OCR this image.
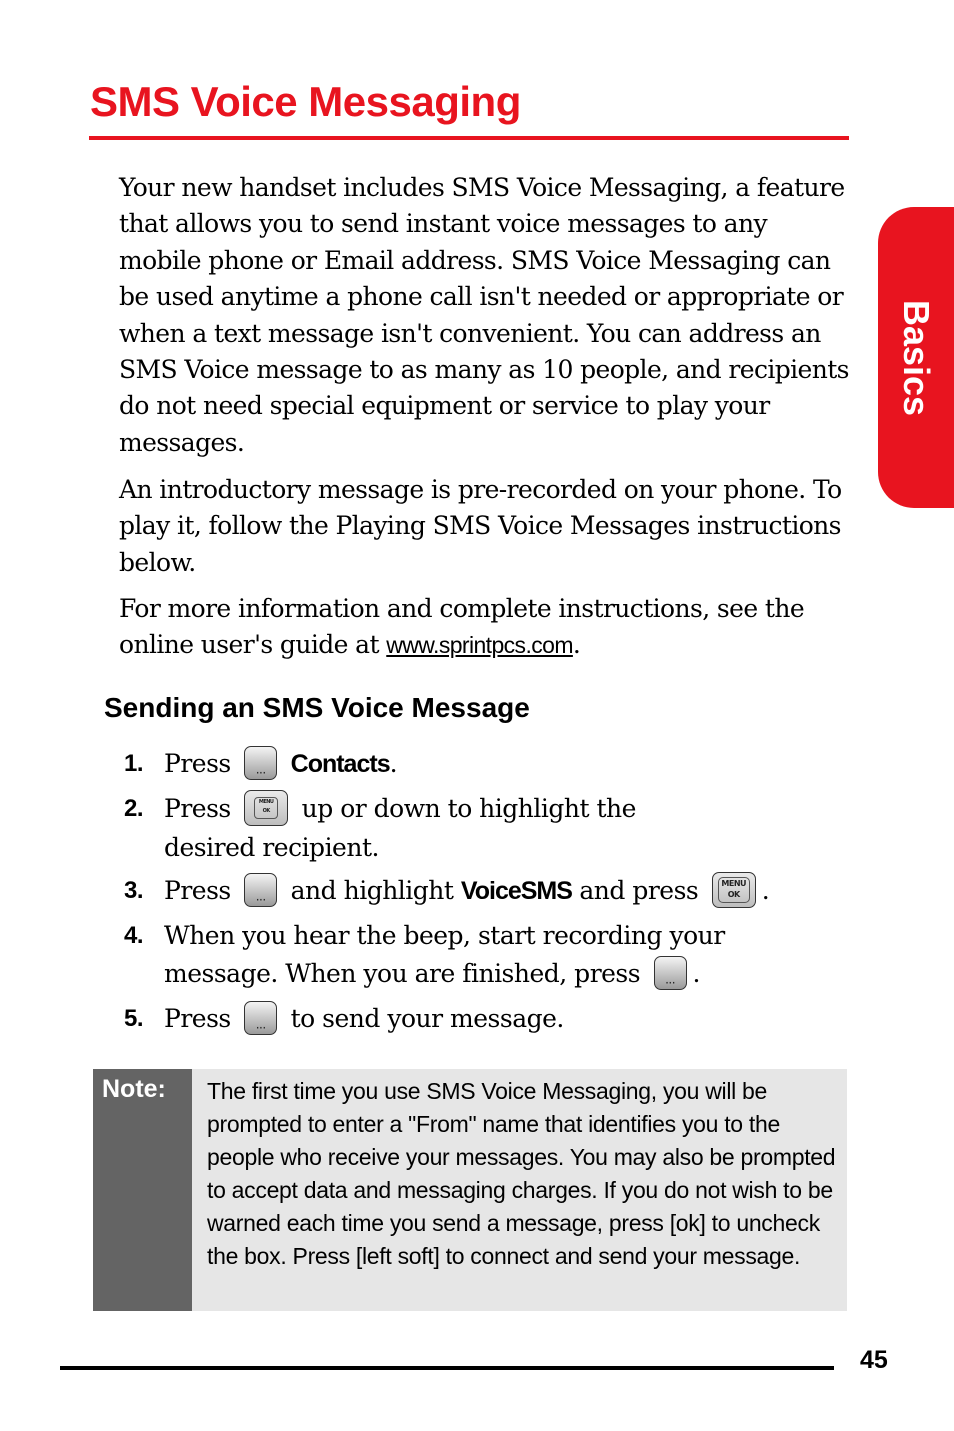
SMS Voice Messaging
Basics

Your new handset includes SMS Voice Messaging, a feature that allows you to send instant voice messages to any mobile phone or Email address. SMS Voice Messaging can be used anytime a phone call isn't needed or appropriate or when a text message isn't convenient. You can address an SMS Voice message to as many as 10 people, and recipients do not need special equipment or service to play your messages.

An introductory message is pre-recorded on your phone. To play it, follow the Playing SMS Voice Messages instructions below.

For more information and complete instructions, see the online user's guide at www.sprintpcs.com.

Sending an SMS Voice Message
1. Press ··· Contacts.
2. Press	MENU
OK	up or down to highlight the desired recipient.
3. Press ··· and highlight VoiceSMS and press	MENU
OK .
4. When you hear the beep, start recording your message. When you are finished, press ··· .
5. Press ··· to send your message.
Note: The first time you use SMS Voice Messaging, you will be prompted to enter a "From" name that identifies you to the people who receive your messages. You may also be prompted to accept data and messaging charges. If you do not wish to be warned each time you send a message, press [ok] to uncheck the box. Press [left soft] to connect and send your message.

45
